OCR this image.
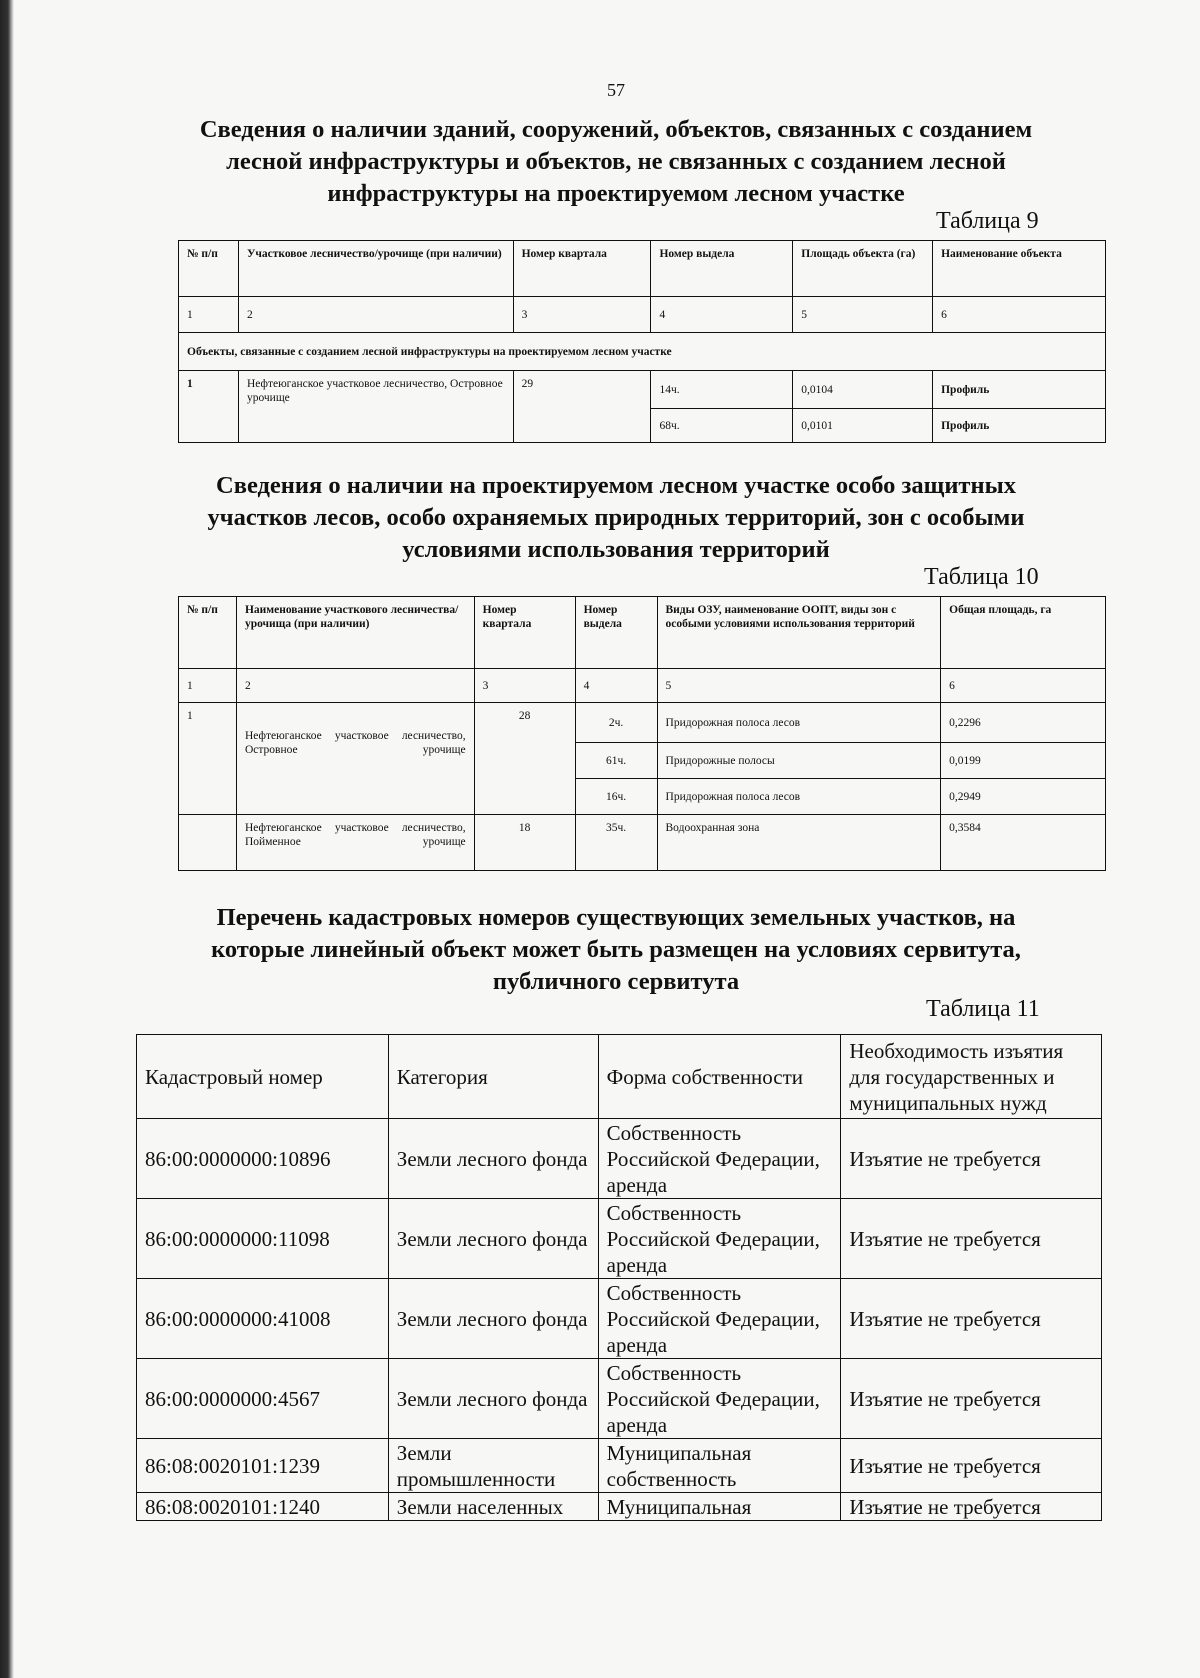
57
Сведения о наличии зданий, сооружений, объектов, связанных с созданием
лесной инфраструктуры и объектов, не связанных с созданием лесной
инфраструктуры на проектируемом лесном участке
Таблица 9
№ п/п	Участковое лесничество/урочище (при наличии)	Номер квартала	Номер выдела	Площадь объекта (га)	Наименование объекта
1	2	3	4	5	6
Объекты, связанные с созданием лесной инфраструктуры на проектируемом лесном участке					
1	Нефтеюганское участковое лесничество, Островное урочище	29	14ч.	0,0104	Профиль
			68ч.	0,0101	Профиль
Сведения о наличии на проектируемом лесном участке особо защитных
участков лесов, особо охраняемых природных территорий, зон с особыми
условиями использования территорий
Таблица 10
№ п/п	Наименование участкового лесничества/урочища (при наличии)	Номер квартала	Номер выдела	Виды ОЗУ, наименование ООПТ, виды зон с особыми условиями использования территорий	Общая площадь, га
1	2	3	4	5	6
1	Нефтеюганское участковое лесничество, Островное урочище	28	2ч.	Придорожная полоса лесов	0,2296
			61ч.	Придорожные полосы	0,0199
			16ч.	Придорожная полоса лесов	0,2949

	Нефтеюганское участковое лесничество, Пойменное урочище	18	35ч.	Водоохранная зона	0,3584
Перечень кадастровых номеров существующих земельных участков, на
которые линейный объект может быть размещен на условиях сервитута,
публичного сервитута
Таблица 11
Кадастровый номер	Категория	Форма собственности	Необходимость изъятия для государственных и муниципальных нужд
86:00:0000000:10896	Земли лесного фонда	Собственность Российской Федерации, аренда	Изъятие не требуется
86:00:0000000:11098	Земли лесного фонда	Собственность Российской Федерации, аренда	Изъятие не требуется
86:00:0000000:41008	Земли лесного фонда	Собственность Российской Федерации, аренда	Изъятие не требуется
86:00:0000000:4567	Земли лесного фонда	Собственность Российской Федерации, аренда	Изъятие не требуется
86:08:0020101:1239	Земли промышленности	Муниципальная собственность	Изъятие не требуется
86:08:0020101:1240	Земли населенных	Муниципальная	Изъятие не требуется
